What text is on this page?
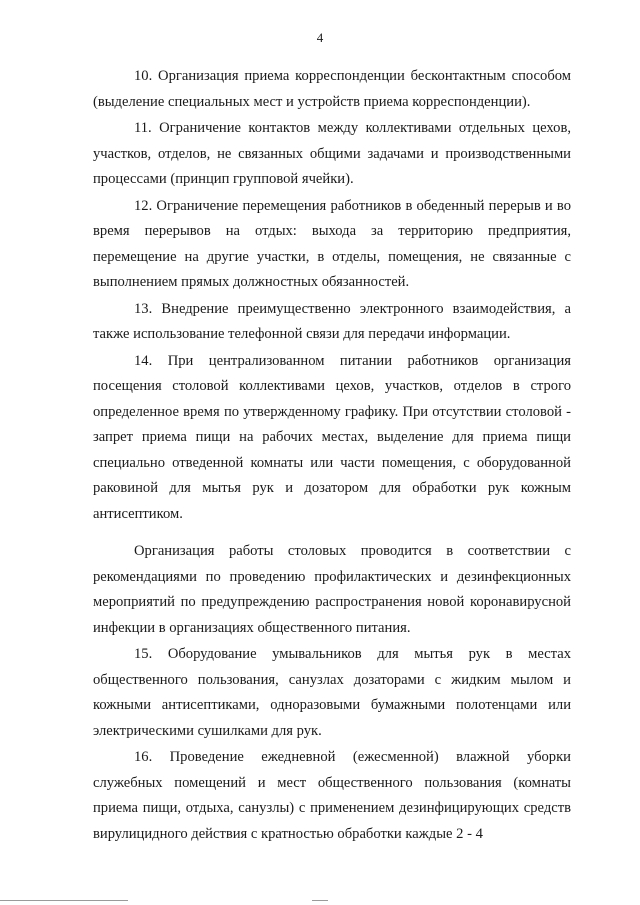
4

10. Организация приема корреспонденции бесконтактным способом (выделение специальных мест и устройств приема корреспонденции).

11. Ограничение контактов между коллективами отдельных цехов, участков, отделов, не связанных общими задачами и производственными процессами (принцип групповой ячейки).

12. Ограничение перемещения работников в обеденный перерыв и во время перерывов на отдых: выхода за территорию предприятия, перемещение на другие участки, в отделы, помещения, не связанные с выполнением прямых должностных обязанностей.

13. Внедрение преимущественно электронного взаимодействия, а также использование телефонной связи для передачи информации.

14. При централизованном питании работников организация посещения столовой коллективами цехов, участков, отделов в строго определенное время по утвержденному графику. При отсутствии столовой - запрет приема пищи на рабочих местах, выделение для приема пищи специально отведенной комнаты или части помещения, с оборудованной раковиной для мытья рук и дозатором для обработки рук кожным антисептиком.

Организация работы столовых проводится в соответствии с рекомендациями по проведению профилактических и дезинфекционных мероприятий по предупреждению распространения новой коронавирусной инфекции в организациях общественного питания.

15. Оборудование умывальников для мытья рук в местах общественного пользования, санузлах дозаторами с жидким мылом и кожными антисептиками, одноразовыми бумажными полотенцами или электрическими сушилками для рук.

16. Проведение ежедневной (ежесменной) влажной уборки служебных помещений и мест общественного пользования (комнаты приема пищи, отдыха, санузлы) с применением дезинфицирующих средств вирулицидного действия с кратностью обработки каждые 2 - 4
